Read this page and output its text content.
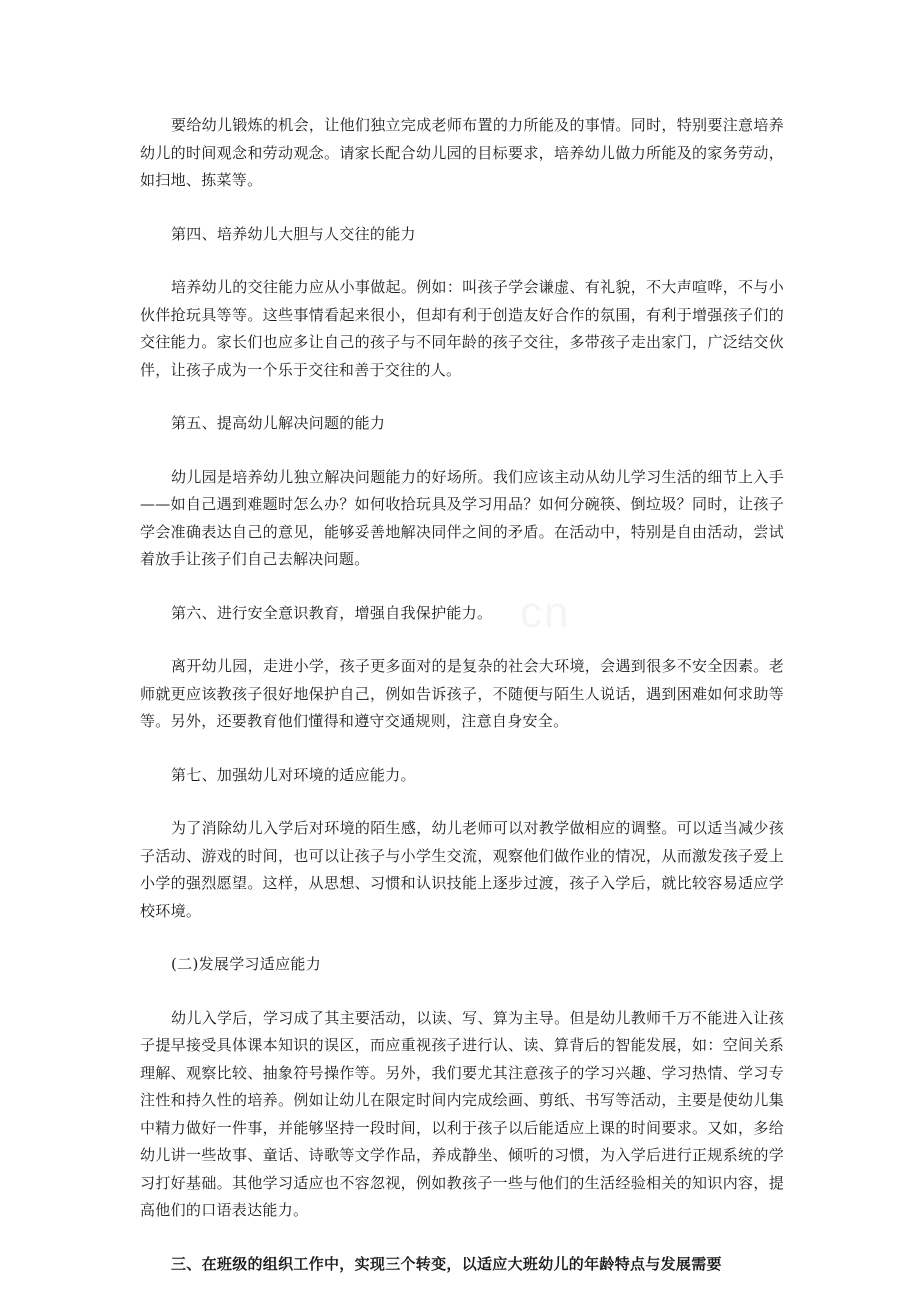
cn

要给幼儿锻炼的机会，让他们独立完成老师布置的力所能及的事情。同时，特别要注意培养幼儿的时间观念和劳动观念。请家长配合幼儿园的目标要求，培养幼儿做力所能及的家务劳动，如扫地、拣菜等。

第四、培养幼儿大胆与人交往的能力

培养幼儿的交往能力应从小事做起。例如：叫孩子学会谦虚、有礼貌，不大声喧哗，不与小伙伴抢玩具等等。这些事情看起来很小，但却有利于创造友好合作的氛围，有利于增强孩子们的交往能力。家长们也应多让自己的孩子与不同年龄的孩子交往，多带孩子走出家门，广泛结交伙伴，让孩子成为一个乐于交往和善于交往的人。

第五、提高幼儿解决问题的能力

幼儿园是培养幼儿独立解决问题能力的好场所。我们应该主动从幼儿学习生活的细节上入手——如自己遇到难题时怎么办？如何收拾玩具及学习用品？如何分碗筷、倒垃圾？同时，让孩子学会准确表达自己的意见，能够妥善地解决同伴之间的矛盾。在活动中，特别是自由活动，尝试着放手让孩子们自己去解决问题。

第六、进行安全意识教育，增强自我保护能力。

离开幼儿园，走进小学，孩子更多面对的是复杂的社会大环境，会遇到很多不安全因素。老师就更应该教孩子很好地保护自己，例如告诉孩子，不随便与陌生人说话，遇到困难如何求助等等。另外，还要教育他们懂得和遵守交通规则，注意自身安全。

第七、加强幼儿对环境的适应能力。

为了消除幼儿入学后对环境的陌生感，幼儿老师可以对教学做相应的调整。可以适当减少孩子活动、游戏的时间，也可以让孩子与小学生交流，观察他们做作业的情况，从而激发孩子爱上小学的强烈愿望。这样，从思想、习惯和认识技能上逐步过渡，孩子入学后，就比较容易适应学校环境。

(二)发展学习适应能力

幼儿入学后，学习成了其主要活动，以读、写、算为主导。但是幼儿教师千万不能进入让孩子提早接受具体课本知识的误区，而应重视孩子进行认、读、算背后的智能发展，如：空间关系理解、观察比较、抽象符号操作等。另外，我们要尤其注意孩子的学习兴趣、学习热情、学习专注性和持久性的培养。例如让幼儿在限定时间内完成绘画、剪纸、书写等活动，主要是使幼儿集中精力做好一件事，并能够坚持一段时间，以利于孩子以后能适应上课的时间要求。又如，多给幼儿讲一些故事、童话、诗歌等文学作品，养成静坐、倾听的习惯，为入学后进行正规系统的学习打好基础。其他学习适应也不容忽视，例如教孩子一些与他们的生活经验相关的知识内容，提高他们的口语表达能力。

三、在班级的组织工作中，实现三个转变，以适应大班幼儿的年龄特点与发展需要
